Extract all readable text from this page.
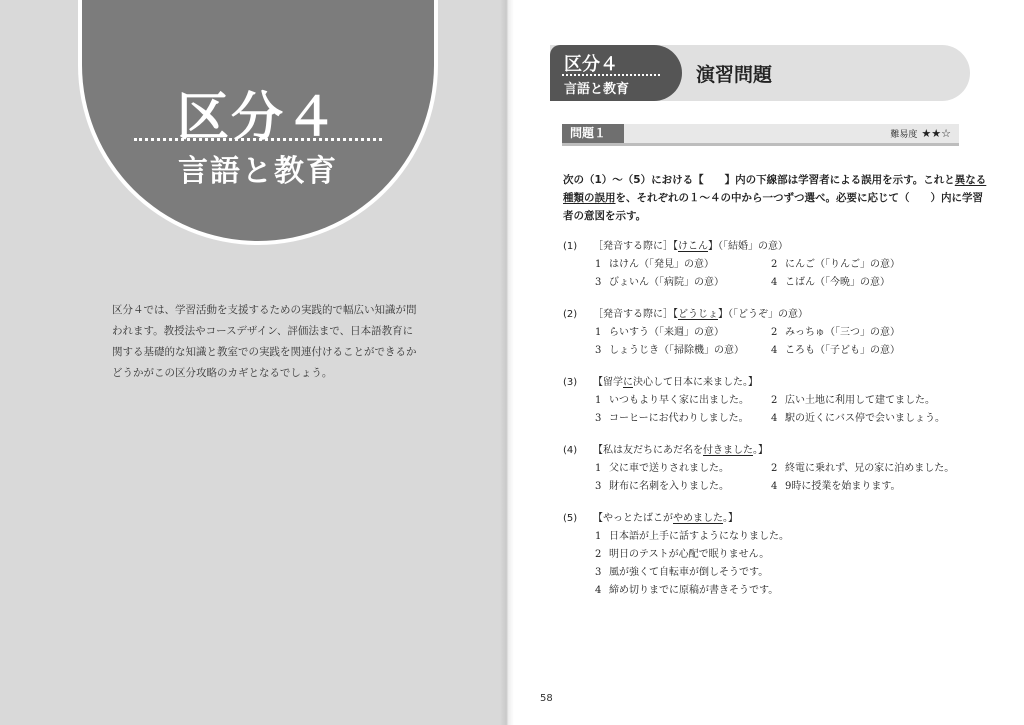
区分４
言語と教育

区分４では、学習活動を支援するための実践的で幅広い知識が問

われます。教授法やコースデザイン、評価法まで、日本語教育に

関する基礎的な知識と教室での実践を関連付けることができるか

どうかがこの区分攻略のカギとなるでしょう。

区分４
言語と教育
演習問題
問題１	難易度 ★★☆

次の（1）～（5）における【　　】内の下線部は学習者による誤用を示す。これと異なる

種類の誤用を、それぞれの１～４の中から一つずつ選べ。必要に応じて（　　）内に学習

者の意図を示す。

(1) ［発音する際に］【けこん】（「結婚」の意）
1 はけん（「発見」の意）	2 にんご（「りんご」の意）
3 びょいん（「病院」の意）	4 こばん（「今晩」の意）
(2) ［発音する際に］【どうじょ】（「どうぞ」の意）
1 らいすう（「来週」の意）	2 みっちゅ（「三つ」の意）
3 しょうじき（「掃除機」の意）	4 ころも（「子ども」の意）
(3) 【留学に決心して日本に来ました。】
1 いつもより早く家に出ました。 2 広い土地に利用して建てました。
3 コーヒーにお代わりしました。 4 駅の近くにバス停で会いましょう。
(4) 【私は友だちにあだ名を付きました。】
1 父に車で送りされました。	2 終電に乗れず、兄の家に泊めました。
3 財布に名刺を入りました。	4 9時に授業を始まります。
(5) 【やっとたばこがやめました。】
1 日本語が上手に話すようになりました。
2 明日のテストが心配で眠りません。
3 風が強くて自転車が倒しそうです。
4 締め切りまでに原稿が書きそうです。
58
